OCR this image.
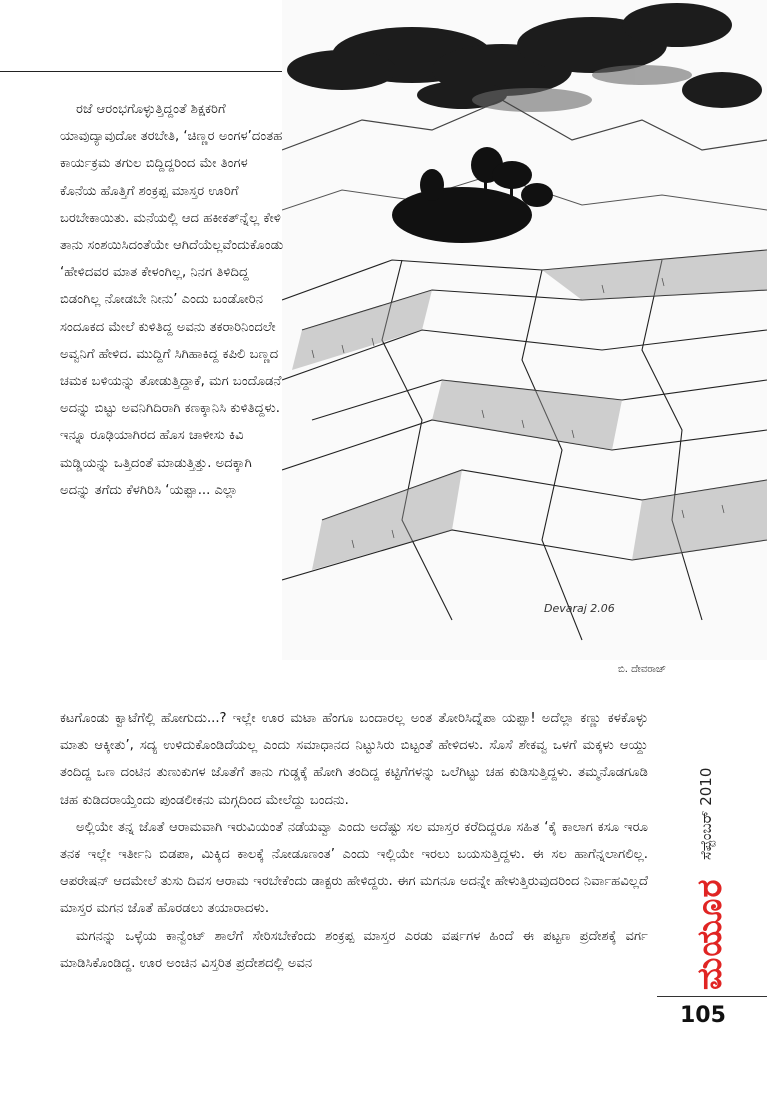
Devaraj 2.06
ಬಿ. ದೇವರಾಜ್

ರಜೆ ಆರಂಭಗೊಳ್ಳುತ್ತಿದ್ದಂತೆ ಶಿಕ್ಷಕರಿಗೆ ಯಾವುದ್ಯಾವುದೋ ತರಬೇತಿ, ‘ಚಿಣ್ಣರ ಅಂಗಳ’ದಂತಹ ಕಾರ್ಯಕ್ರಮ ತಗುಲ ಬಿದ್ದಿದ್ದರಿಂದ ಮೇ ತಿಂಗಳ ಕೊನೆಯ ಹೊತ್ತಿಗೆ ಶಂಕ್ರಪ್ಪ ಮಾಸ್ತರ ಊರಿಗೆ ಬರಬೇಕಾಯಿತು. ಮನೆಯಲ್ಲಿ ಆದ ಹಕೀಕತ್‌ನ್ನೆಲ್ಲ ಕೇಳಿ ತಾನು ಸಂಶಯಿಸಿದಂತೆಯೇ ಆಗಿದೆಯೆಲ್ಲವೆಂದುಕೊಂಡು ‘ಹೇಳಿದವರ ಮಾತ ಕೇಳಂಗಿಲ್ಲ, ನಿನಗ ತಿಳಿದಿದ್ದ ಬಿಡಂಗಿಲ್ಲ ನೋಡಬೇ ನೀನು’ ಎಂದು ಬಂಡೋರಿನ ಸಂದೂಕದ ಮೇಲೆ ಕುಳಿತಿದ್ದ ಅವನು ತಕರಾರಿನಿಂದಲೇ ಅವ್ವನಿಗೆ ಹೇಳಿದ. ಮುದ್ದಿಗೆ ಸಿಗಿಹಾಕಿದ್ದ ಕಪಿಲಿ ಬಣ್ಣದ ಚಮಕ ಬಳಿಯನ್ನು ತೋಡುತ್ತಿದ್ದಾಕೆ, ಮಗ ಬಂದೊಡನೆ ಅದನ್ನು ಬಿಟ್ಟು ಅವನಿಗಿದಿರಾಗಿ ಕಣಕ್ಕಾನಿಸಿ ಕುಳಿತಿದ್ದಳು. ಇನ್ನೂ ರೂಢಿಯಾಗಿರದ ಹೊಸ ಚಾಳೀಸು ಕಿವಿ ಮಡ್ಡಿಯನ್ನು ಒತ್ತಿದಂತೆ ಮಾಡುತ್ತಿತ್ತು. ಅದಕ್ಕಾಗಿ ಅದನ್ನು ತಗೆದು ಕೆಳಗಿರಿಸಿ ‘ಯಪ್ಪಾ... ಎಲ್ಲಾ

ಕಟಗೊಂಡು ಕ್ವಾಟೆಗೆಲ್ಲಿ ಹೋಗುದು...? ಇಲ್ಲೇ ಊರ ಮಟಾ ಹೆಂಗೂ ಬಂದಾರಲ್ಲ ಅಂತ ತೋರಿಸಿದ್ನೆಪಾ ಯಪ್ಪಾ! ಅದೆಲ್ಲಾ ಕಣ್ಣು ಕಳಕೊಳ್ಳು ಮಾತು ಆಕ್ಕೀತು’, ಸದ್ಯ ಉಳಿದುಕೊಂಡಿದೆಯಲ್ಲ ಎಂದು ಸಮಾಧಾನದ ನಿಟ್ಟುಸಿರು ಬಿಟ್ಟಂತೆ ಹೇಳಿದಳು. ಸೊಸೆ ಶೇಕವ್ವ ಒಳಗೆ ಮಕ್ಕಳು ಆಯ್ದು ತಂದಿದ್ದ ಒಣ ದಂಟಿನ ತುಣುಕುಗಳ ಜೊತೆಗೆ ತಾನು ಗುಡ್ಡಕ್ಕೆ ಹೋಗಿ ತಂದಿದ್ದ ಕಟ್ಟಿಗೆಗಳನ್ನು ಒಲೆಗಿಟ್ಟು ಚಹ ಕುಡಿಸುತ್ತಿದ್ದಳು. ತಮ್ಮನೊಡಗೂಡಿ ಚಹ ಕುಡಿದರಾಯ್ತೆಂದು ಪುಂಡಲೀಕನು ಮಗ್ಗದಿಂದ ಮೇಲೆದ್ದು ಬಂದನು.

ಅಲ್ಲಿಯೇ ತನ್ನ ಜೊತೆ ಆರಾಮವಾಗಿ ಇರುವಿಯಂತೆ ನಡೆಯವ್ವಾ ಎಂದು ಅದೆಷ್ಟು ಸಲ ಮಾಸ್ತರ ಕರೆದಿದ್ದರೂ ಸಹಿತ ‘ಕೈ ಕಾಲಾಗ ಕಸೂ ಇರೂ ತನಕ ಇಲ್ಲೇ ಇರ್ತೀನಿ ಬಿಡಪಾ, ಮಿಕ್ಕಿದ ಕಾಲಕ್ಕೆ ನೋಡೂಣಂತ’ ಎಂದು ಇಲ್ಲಿಯೇ ಇರಲು ಬಯಸುತ್ತಿದ್ದಳು. ಈ ಸಲ ಹಾಗೆನ್ನಲಾಗಲಿಲ್ಲ. ಆಪರೇಷನ್ ಆದಮೇಲೆ ತುಸು ದಿವಸ ಆರಾಮ ಇರಬೇಕೆಂದು ಡಾಕ್ಟರು ಹೇಳಿದ್ದರು. ಈಗ ಮಗನೂ ಅದನ್ನೇ ಹೇಳುತ್ತಿರುವುದರಿಂದ ನಿರ್ವಾಹವಿಲ್ಲದೆ ಮಾಸ್ತರ ಮಗನ ಜೊತೆ ಹೊರಡಲು ತಯಾರಾದಳು.

ಮಗನನ್ನು ಒಳ್ಳೆಯ ಕಾನ್ವೆಂಟ್ ಶಾಲೆಗೆ ಸೇರಿಸಬೇಕೆಂದು ಶಂಕ್ರಪ್ಪ ಮಾಸ್ತರ ಎರಡು ವರ್ಷಗಳ ಹಿಂದೆ ಈ ಪಟ್ಟಣ ಪ್ರದೇಶಕ್ಕೆ ವರ್ಗ ಮಾಡಿಸಿಕೊಂಡಿದ್ದ. ಊರ ಅಂಚಿನ ವಿಸ್ತರಿತ ಪ್ರದೇಶದಲ್ಲಿ ಅವನ

ಸೆಪ್ಟೆಂಬರ್ 2010
ಮಯೂರ
105
